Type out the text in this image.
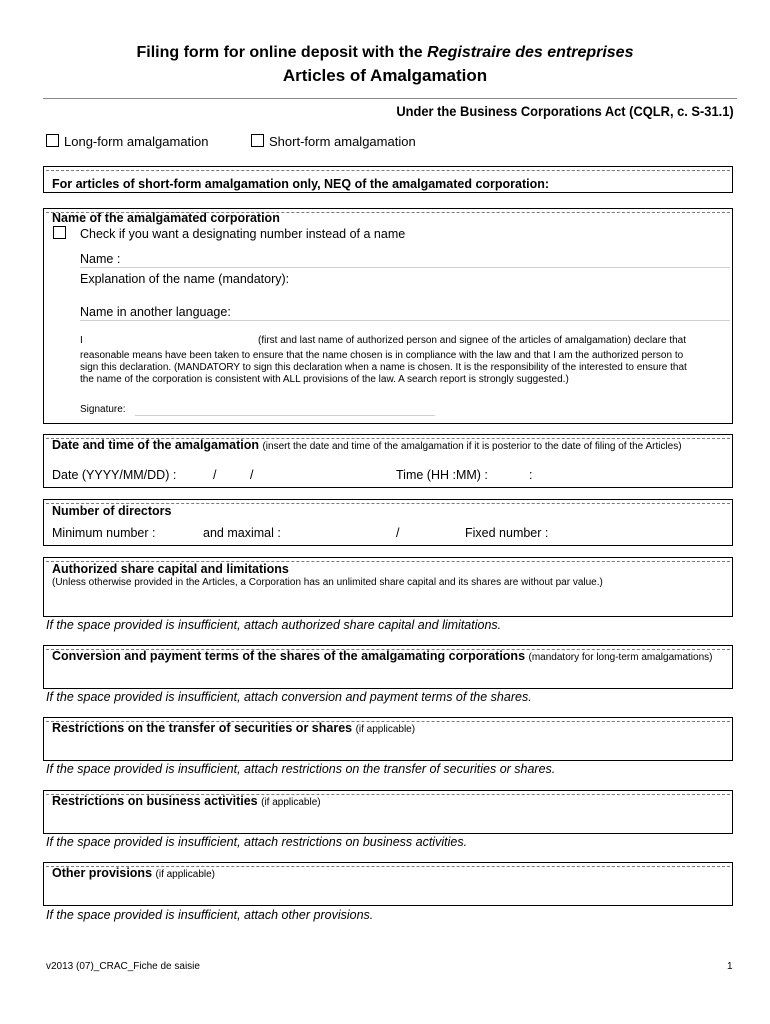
Filing form for online deposit with the Registraire des entreprises
Articles of Amalgamation
Under the Business Corporations Act (CQLR, c. S-31.1)
Long-form amalgamation	Short-form amalgamation
For articles of short-form amalgamation only, NEQ of the amalgamated corporation:
Name of the amalgamated corporation
Check if you want a designating number instead of a name
Name :
Explanation of the name (mandatory):
Name in another language:
I	(first and last name of authorized person and signee of the articles of amalgamation) declare that
reasonable means have been taken to ensure that the name chosen is in compliance with the law and that I am the authorized person to
sign this declaration. (MANDATORY to sign this declaration when a name is chosen. It is the responsibility of the interested to ensure that
the name of the corporation is consistent with ALL provisions of the law. A search report is strongly suggested.)
Signature:
Date and time of the amalgamation (insert the date and time of the amalgamation if it is posterior to the date of filing of the Articles)
Date (YYYY/MM/DD) :	/	/	Time (HH :MM) :	:
Number of directors
Minimum number :	and maximal :	/	Fixed number :
Authorized share capital and limitations
(Unless otherwise provided in the Articles, a Corporation has an unlimited share capital and its shares are without par value.)
If the space provided is insufficient, attach authorized share capital and limitations.
Conversion and payment terms of the shares of the amalgamating corporations (mandatory for long-term amalgamations)
If the space provided is insufficient, attach conversion and payment terms of the shares.
Restrictions on the transfer of securities or shares (if applicable)
If the space provided is insufficient, attach restrictions on the transfer of securities or shares.
Restrictions on business activities (if applicable)
If the space provided is insufficient, attach restrictions on business activities.
Other provisions (if applicable)
If the space provided is insufficient, attach other provisions.
v2013 (07)_CRAC_Fiche de saisie	1
